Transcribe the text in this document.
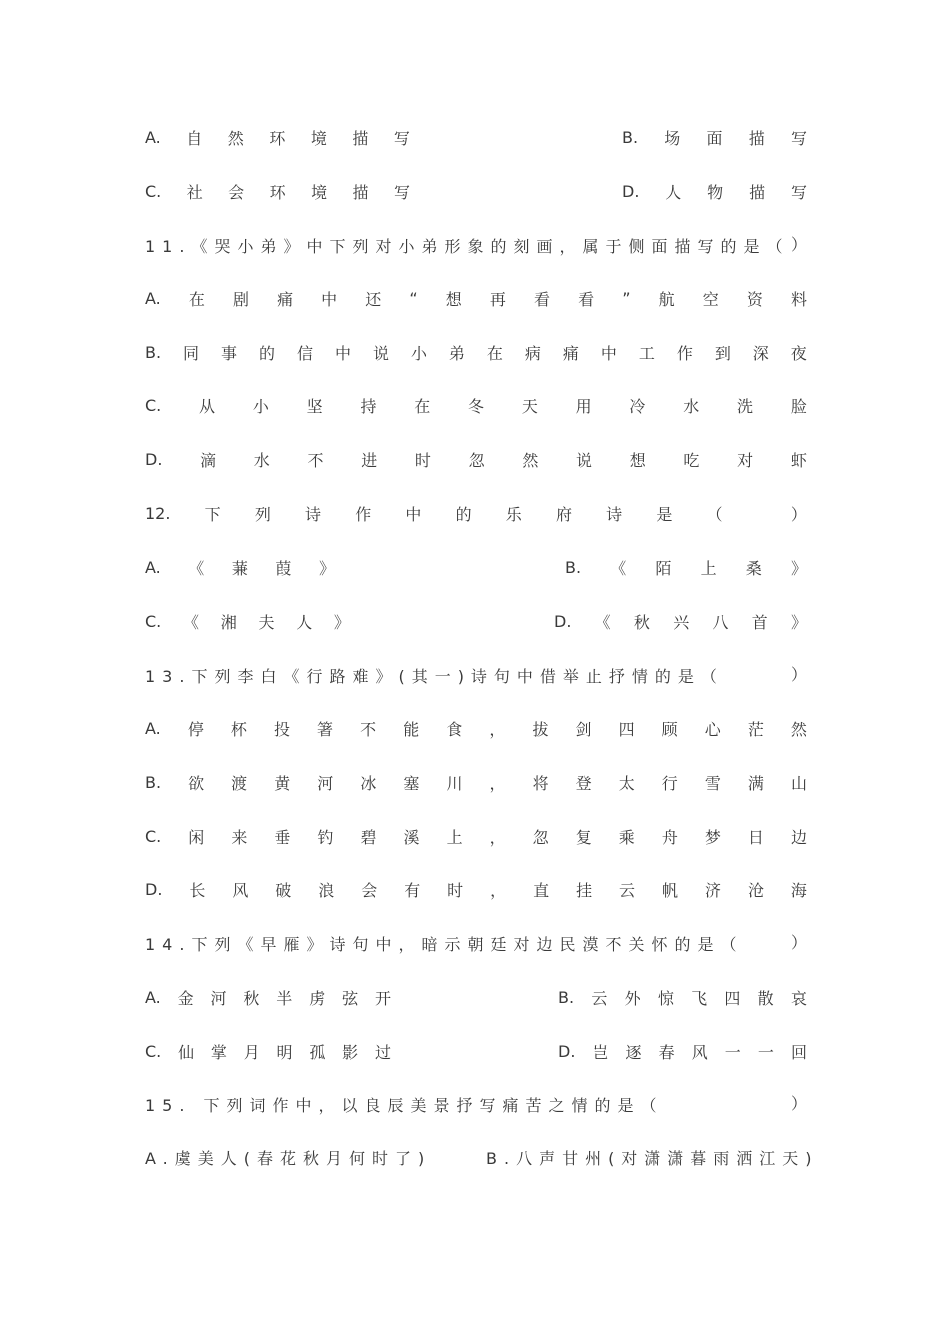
A. 自 然 环 境 描 写	B. 场 面 描 写
C. 社 会 环 境 描 写	D. 人 物 描 写
11.《哭小弟》中下列对小弟形象的刻画，属于侧面描写的是（ ）
A. 在 剧 痛 中 还 “ 想 再 看 看 ” 航 空 资 料
B. 同 事 的 信 中 说 小 弟 在 病 痛 中 工 作 到 深 夜
C. 从 小 坚 持 在 冬 天 用 冷 水 洗 脸
D. 滴 水 不 进 时 忽 然 说 想 吃 对 虾
12. 下 列 诗 作 中 的 乐 府 诗 是 （	）
A. 《 蒹 葭 》	B. 《 陌 上 桑 》
C. 《 湘 夫 人 》	D. 《 秋 兴 八 首 》
13.下列李白《行路难》(其一)诗句中借举止抒情的是（	）
A. 停 杯 投 箸 不 能 食 ， 拔 剑 四 顾 心 茫 然
B. 欲 渡 黄 河 冰 塞 川 ， 将 登 太 行 雪 满 山
C. 闲 来 垂 钓 碧 溪 上 ， 忽 复 乘 舟 梦 日 边
D. 长 风 破 浪 会 有 时 ， 直 挂 云 帆 济 沧 海
14.下列《早雁》诗句中，暗示朝廷对边民漠不关怀的是（	）
A. 金 河 秋 半 虏 弦 开	B. 云 外 惊 飞 四 散 哀
C. 仙 掌 月 明 孤 影 过	D. 岂 逐 春 风 一 一 回
15. 下列词作中，以良辰美景抒写痛苦之情的是（	）
A.虞美人(春花秋月何时了)	B.八声甘州(对潇潇暮雨洒江天)
